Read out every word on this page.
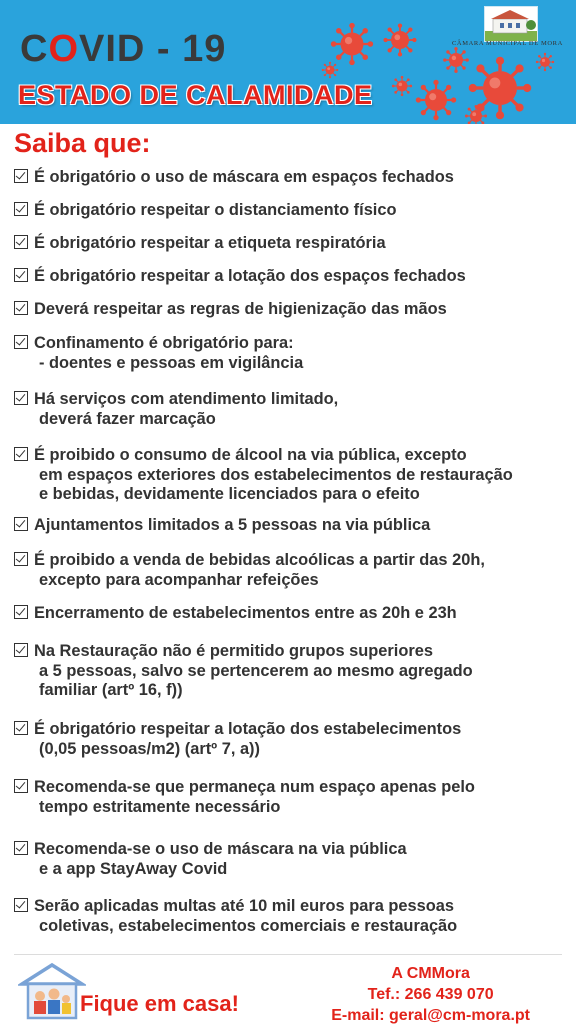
COVID - 19
ESTADO DE CALAMIDADE
CÂMARA MUNICIPAL DE MORA
Saiba que:
É obrigatório o uso de máscara em espaços fechados
É obrigatório respeitar o distanciamento físico
É obrigatório respeitar a etiqueta respiratória
É obrigatório respeitar a lotação dos espaços fechados
Deverá respeitar as regras de higienização das mãos
Confinamento é obrigatório para:
- doentes e pessoas em vigilância
Há serviços com atendimento limitado,
deverá fazer marcação
É proibido o consumo de álcool na via pública, excepto
em espaços exteriores dos estabelecimentos de restauração
e bebidas, devidamente licenciados para o efeito
Ajuntamentos limitados a 5 pessoas na via pública
É proibido a venda de bebidas alcoólicas a partir das 20h,
excepto para acompanhar refeições
Encerramento de estabelecimentos entre as 20h e 23h
Na Restauração não é permitido grupos superiores
a 5 pessoas, salvo se pertencerem ao mesmo agregado
familiar (artº 16, f))
É obrigatório respeitar a lotação dos estabelecimentos
(0,05 pessoas/m2) (artº 7, a))
Recomenda-se que permaneça num espaço apenas pelo
tempo estritamente necessário
Recomenda-se o uso de máscara na via pública
e a app StayAway Covid
Serão aplicadas multas até 10 mil euros para pessoas
coletivas, estabelecimentos comerciais e restauração
Fique em casa!
A CMMora
Tef.: 266 439 070
E-mail: geral@cm-mora.pt
